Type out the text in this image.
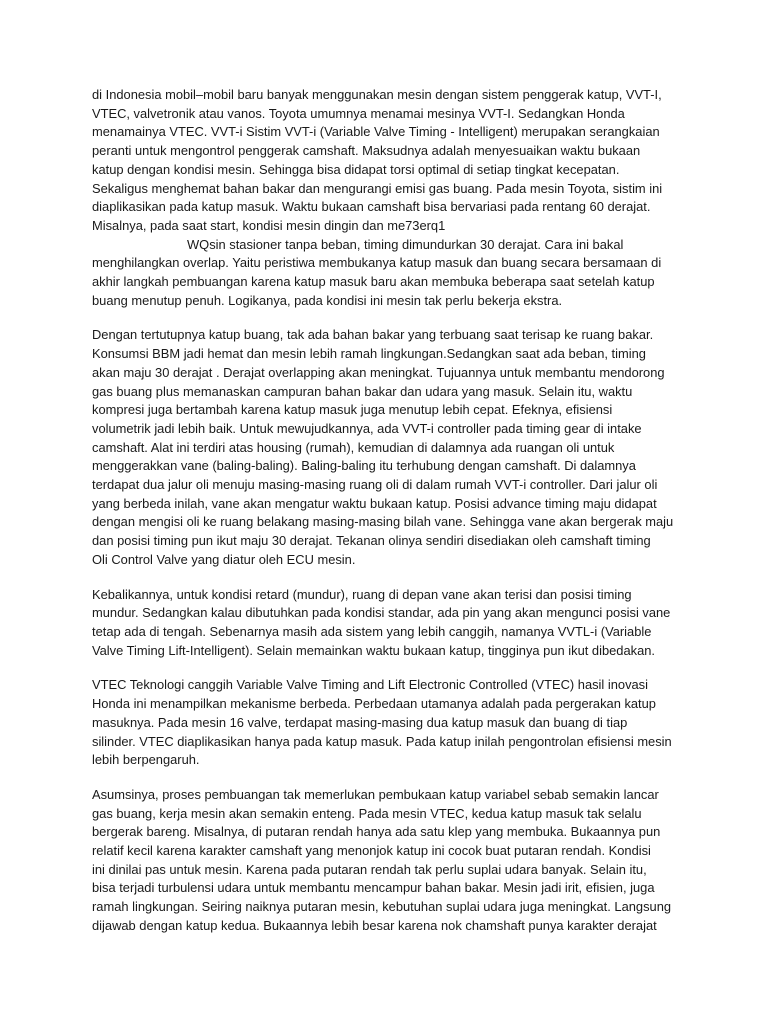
di Indonesia mobil–mobil baru banyak menggunakan mesin dengan sistem penggerak katup, VVT-I,
VTEC, valvetronik atau vanos. Toyota umumnya menamai mesinya VVT-I. Sedangkan Honda
menamainya VTEC. VVT-i Sistim VVT-i (Variable Valve Timing - Intelligent) merupakan serangkaian
peranti untuk mengontrol penggerak camshaft. Maksudnya adalah menyesuaikan waktu bukaan
katup dengan kondisi mesin. Sehingga bisa didapat torsi optimal di setiap tingkat kecepatan.
Sekaligus menghemat bahan bakar dan mengurangi emisi gas buang. Pada mesin Toyota, sistim ini
diaplikasikan pada katup masuk. Waktu bukaan camshaft bisa bervariasi pada rentang 60 derajat.
Misalnya, pada saat start, kondisi mesin dingin dan me73erq1
WQsin stasioner tanpa beban, timing dimundurkan 30 derajat. Cara ini bakal
menghilangkan overlap. Yaitu peristiwa membukanya katup masuk dan buang secara bersamaan di
akhir langkah pembuangan karena katup masuk baru akan membuka beberapa saat setelah katup
buang menutup penuh. Logikanya, pada kondisi ini mesin tak perlu bekerja ekstra.

Dengan tertutupnya katup buang, tak ada bahan bakar yang terbuang saat terisap ke ruang bakar.
Konsumsi BBM jadi hemat dan mesin lebih ramah lingkungan.Sedangkan saat ada beban, timing
akan maju 30 derajat . Derajat overlapping akan meningkat. Tujuannya untuk membantu mendorong
gas buang plus memanaskan campuran bahan bakar dan udara yang masuk. Selain itu, waktu
kompresi juga bertambah karena katup masuk juga menutup lebih cepat. Efeknya, efisiensi
volumetrik jadi lebih baik. Untuk mewujudkannya, ada VVT-i controller pada timing gear di intake
camshaft. Alat ini terdiri atas housing (rumah), kemudian di dalamnya ada ruangan oli untuk
menggerakkan vane (baling-baling). Baling-baling itu terhubung dengan camshaft. Di dalamnya
terdapat dua jalur oli menuju masing-masing ruang oli di dalam rumah VVT-i controller. Dari jalur oli
yang berbeda inilah, vane akan mengatur waktu bukaan katup. Posisi advance timing maju didapat
dengan mengisi oli ke ruang belakang masing-masing bilah vane. Sehingga vane akan bergerak maju
dan posisi timing pun ikut maju 30 derajat. Tekanan olinya sendiri disediakan oleh camshaft timing
Oli Control Valve yang diatur oleh ECU mesin.

Kebalikannya, untuk kondisi retard (mundur), ruang di depan vane akan terisi dan posisi timing
mundur. Sedangkan kalau dibutuhkan pada kondisi standar, ada pin yang akan mengunci posisi vane
tetap ada di tengah. Sebenarnya masih ada sistem yang lebih canggih, namanya VVTL-i (Variable
Valve Timing Lift-Intelligent). Selain memainkan waktu bukaan katup, tingginya pun ikut dibedakan.

VTEC Teknologi canggih Variable Valve Timing and Lift Electronic Controlled (VTEC) hasil inovasi
Honda ini menampilkan mekanisme berbeda. Perbedaan utamanya adalah pada pergerakan katup
masuknya. Pada mesin 16 valve, terdapat masing-masing dua katup masuk dan buang di tiap
silinder. VTEC diaplikasikan hanya pada katup masuk. Pada katup inilah pengontrolan efisiensi mesin
lebih berpengaruh.

Asumsinya, proses pembuangan tak memerlukan pembukaan katup variabel sebab semakin lancar
gas buang, kerja mesin akan semakin enteng. Pada mesin VTEC, kedua katup masuk tak selalu
bergerak bareng. Misalnya, di putaran rendah hanya ada satu klep yang membuka. Bukaannya pun
relatif kecil karena karakter camshaft yang menonjok katup ini cocok buat putaran rendah. Kondisi
ini dinilai pas untuk mesin. Karena pada putaran rendah tak perlu suplai udara banyak. Selain itu,
bisa terjadi turbulensi udara untuk membantu mencampur bahan bakar. Mesin jadi irit, efisien, juga
ramah lingkungan. Seiring naiknya putaran mesin, kebutuhan suplai udara juga meningkat. Langsung
dijawab dengan katup kedua. Bukaannya lebih besar karena nok chamshaft punya karakter derajat
